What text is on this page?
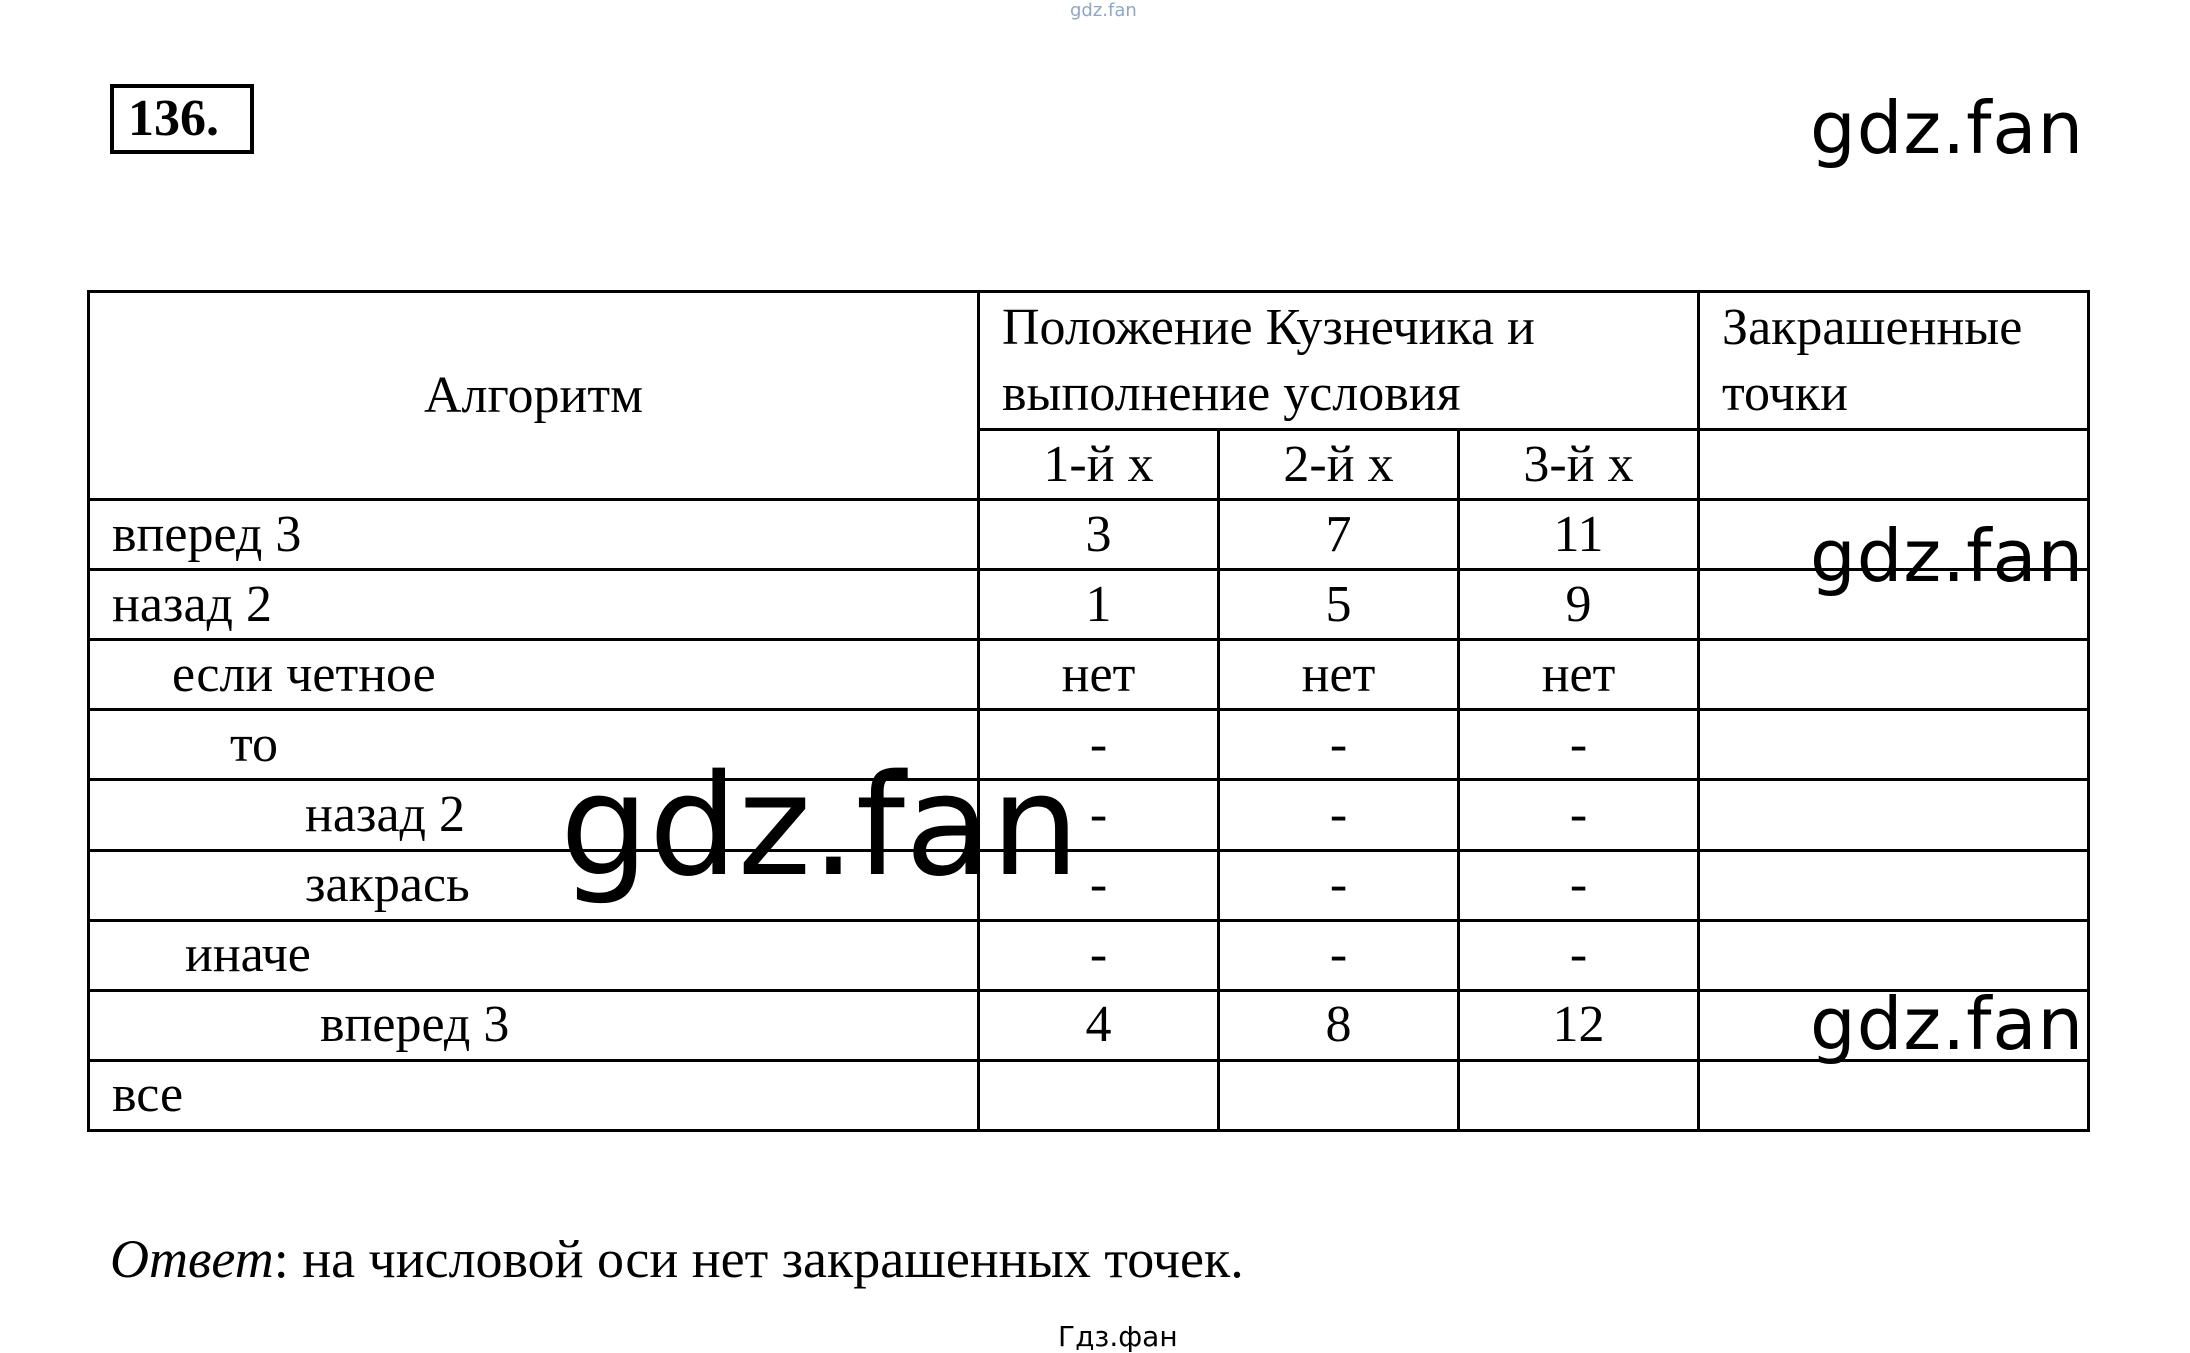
gdz.fan
136.	gdz.fan
Алгоритм	Положение Кузнечика и выполнение условия			Закрашенные точки
	1-й х	2-й х	3-й х	
вперед 3	3	7	11	
назад 2	1	5	9	
если четное	нет	нет	нет	
то	-	-	-	
назад 2	-	-	-	
закрась	-	-	-	
иначе	-	-	-	
вперед 3	4	8	12	
все				
gdz.fan
gdz.fan
gdz.fan
Ответ: на числовой оси нет закрашенных точек.
Гдз.фан
